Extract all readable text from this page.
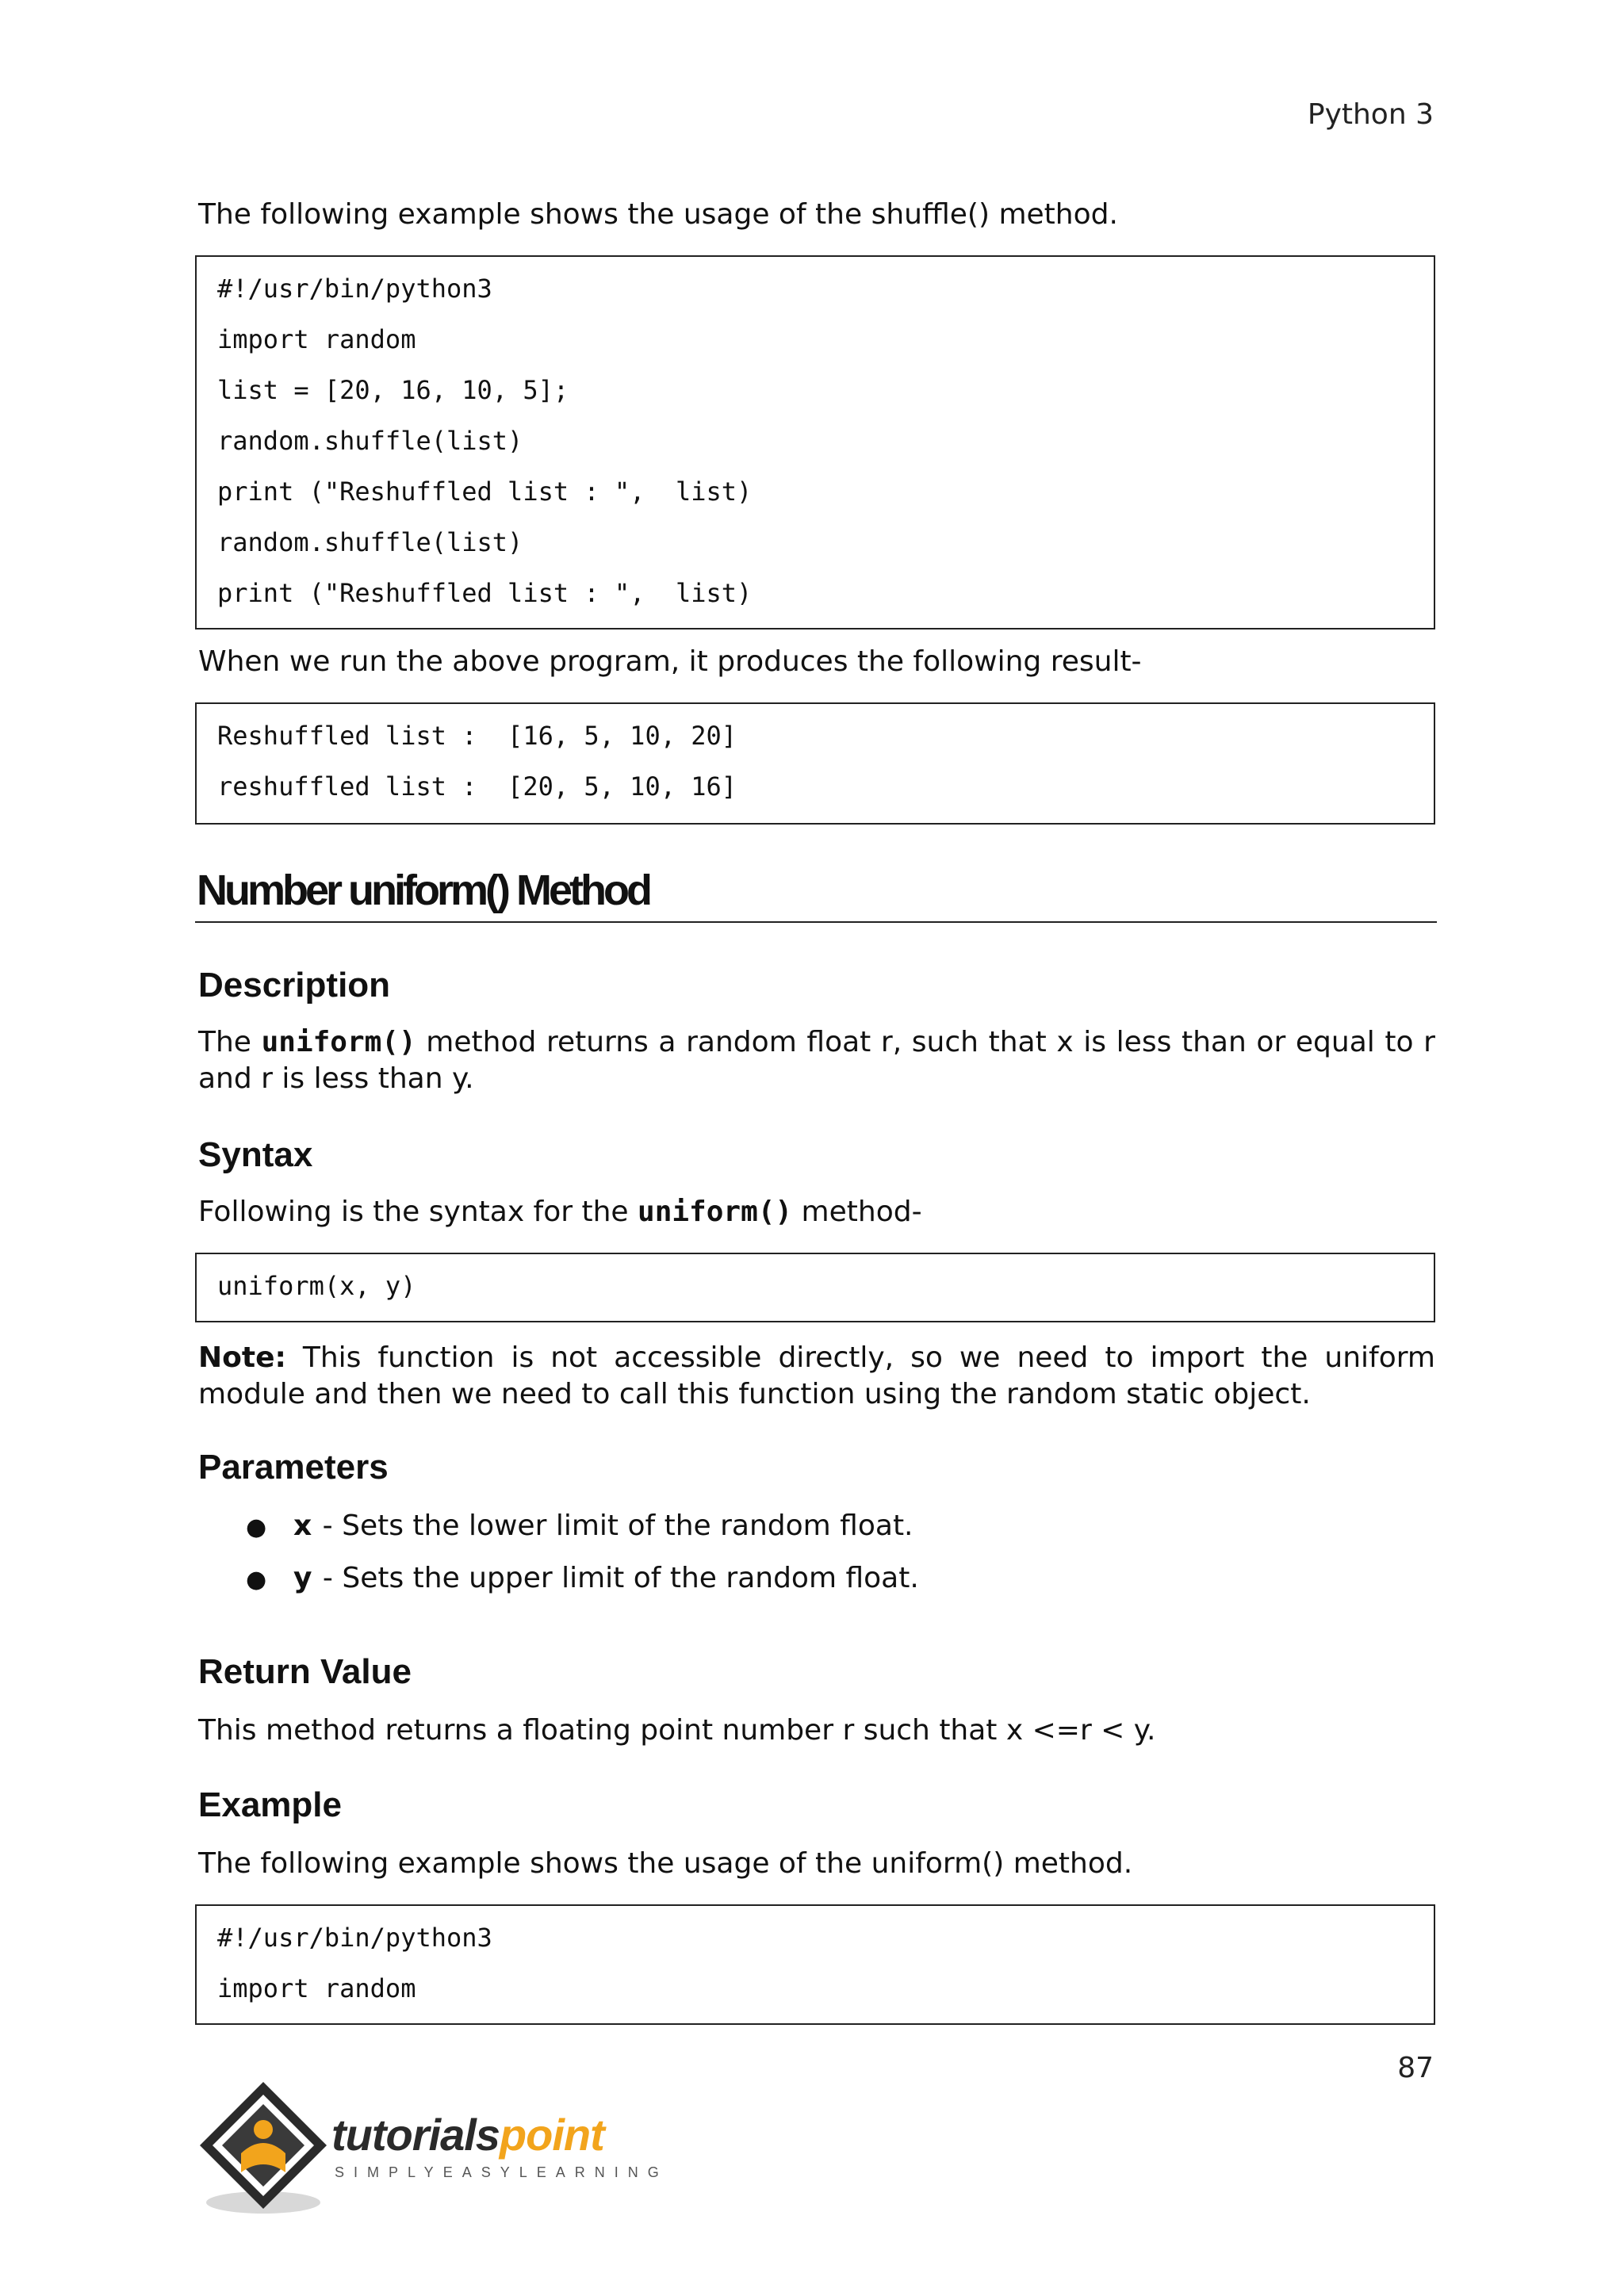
Python 3

The following example shows the usage of the shuffle() method.

#!/usr/bin/python3
import random
list = [20, 16, 10, 5];
random.shuffle(list)
print ("Reshuffled list : ",  list)
random.shuffle(list)
print ("Reshuffled list : ",  list)

When we run the above program, it produces the following result-

Reshuffled list :  [16, 5, 10, 20]
reshuffled list :  [20, 5, 10, 16]
Number uniform() Method
Description

The uniform() method returns a random float r, such that x is less than or equal to r and r is less than y.

Syntax

Following is the syntax for the uniform() method-

uniform(x, y)

Note: This function is not accessible directly, so we need to import the uniform module and then we need to call this function using the random static object.

Parameters
● x - Sets the lower limit of the random float.
● y - Sets the upper limit of the random float.
Return Value

This method returns a floating point number r such that x <=r < y.

Example

The following example shows the usage of the uniform() method.

#!/usr/bin/python3
import random
87
tutorialspoint
SIMPLYEASYLEARNING
